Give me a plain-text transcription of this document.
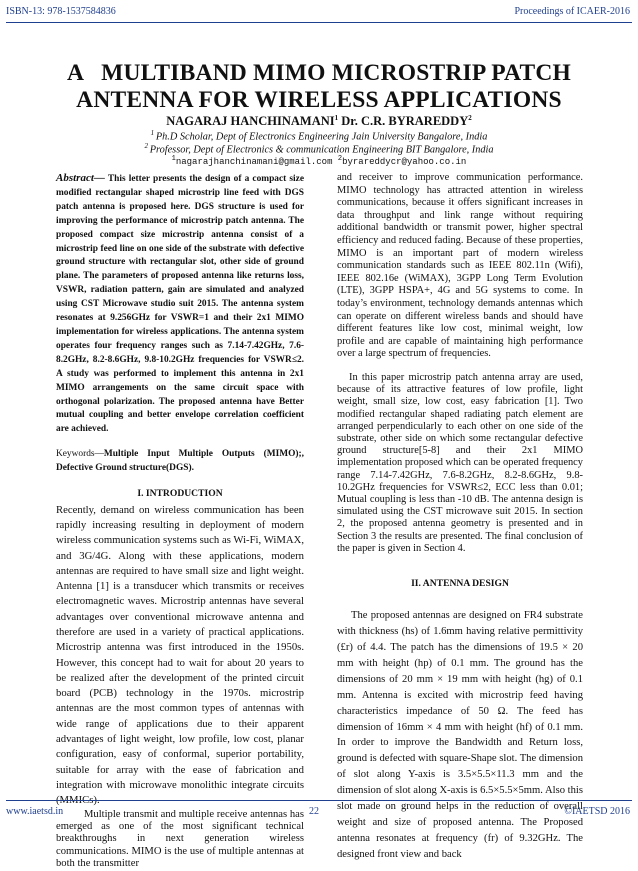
ISBN-13: 978-1537584836	Proceedings of ICAER-2016
A   MULTIBAND MIMO MICROSTRIP PATCH
ANTENNA FOR WIRELESS APPLICATIONS
NAGARAJ HANCHINAMANI$^1$ Dr. C.R. BYRAREDDY$^2$
$^1$ Ph.D Scholar, Dept of Electronics Engineering Jain University Bangalore, India
$^2$ Professor, Dept of Electronics & communication Engineering BIT Bangalore, India
$^1$nagarajhanchinamani@gmail.com $^2$byrareddycr@yahoo.co.in

Abstract— This letter presents the design of a compact size modified rectangular shaped microstrip line feed with DGS patch antenna is proposed here. DGS structure is used for improving the performance of microstrip patch antenna. The proposed compact size microstrip antenna consist of a microstrip feed line on one side of the substrate with defective ground structure with rectangular slot, other side of ground plane. The parameters of proposed antenna like returns loss, VSWR, radiation pattern, gain are simulated and analyzed using CST Microwave studio suit 2015. The antenna system resonates at 9.256GHz for VSWR=1 and their 2x1 MIMO implementation for wireless applications. The antenna system operates four frequency ranges such as 7.14-7.42GHz, 7.6-8.2GHz, 8.2-8.6GHz, 9.8-10.2GHz frequencies for VSWR≤2. A study was performed to implement this antenna in 2x1 MIMO arrangements on the same circuit space with orthogonal polarization. The proposed antenna have Better mutual coupling and better envelope correlation coefficient are achieved.

Keywords—Multiple Input Multiple Outputs (MIMO);, Defective Ground structure(DGS).

I. INTRODUCTION

Recently, demand on wireless communication has been rapidly increasing resulting in deployment of modern wireless communication systems such as Wi-Fi, WiMAX, and 3G/4G. Along with these applications, modern antennas are required to have small size and light weight. Antenna [1] is a transducer which transmits or receives electromagnetic waves. Microstrip antennas have several advantages over conventional microwave antenna and therefore are used in a variety of practical applications. Microstrip antenna was first introduced in the 1950s. However, this concept had to wait for about 20 years to be realized after the development of the printed circuit board (PCB) technology in the 1970s. microstrip antennas are the most common types of antennas with wide range of applications due to their apparent advantages of light weight, low profile, low cost, planar configuration, easy of conformal, superior portability, suitable for array with the ease of fabrication and integration with microwave monolithic integrate circuits (MMICs).

Multiple transmit and multiple receive antennas has emerged as one of the most significant technical breakthroughs in next generation wireless communications. MIMO is the use of multiple antennas at both the transmitter

and receiver to improve communication performance. MIMO technology has attracted attention in wireless communications, because it offers significant increases in data throughput and link range without requiring additional bandwidth or transmit power, higher spectral efficiency and reduced fading. Because of these properties, MIMO is an important part of modern wireless communication standards such as IEEE 802.11n (Wifi), IEEE 802.16e (WiMAX), 3GPP Long Term Evolution (LTE), 3GPP HSPA+, 4G and 5G systems to come. In today’s environment, technology demands antennas which can operate on different wireless bands and should have different features like low cost, minimal weight, low profile and are capable of maintaining high performance over a large spectrum of frequencies.

In this paper microstrip patch antenna array are used, because of its attractive features of low profile, light weight, small size, low cost, easy fabrication [1]. Two modified rectangular shaped radiating patch element are arranged perpendicularly to each other on one side of the substrate, other side on which some rectangular defective ground structure[5-8] and their 2x1 MIMO implementation proposed which can be operated frequency range 7.14-7.42GHz, 7.6-8.2GHz, 8.2-8.6GHz, 9.8-10.2GHz frequencies for VSWR≤2, ECC less than 0.01; Mutual coupling is less than -10 dB. The antenna design is simulated using the CST microwave suit 2015. In section 2, the proposed antenna geometry is presented and in Section 3 the results are presented. The final conclusion of the paper is given in Section 4.

II. ANTENNA DESIGN

The proposed antennas are designed on FR4 substrate with thickness (hs) of 1.6mm having relative permittivity (£r) of 4.4. The patch has the dimensions of 19.5 × 20 mm with height (hp) of 0.1 mm. The ground has the dimensions of 20 mm × 19 mm with height (hg) of 0.1 mm. Antenna is excited with microstrip feed having characteristics impedance of 50 Ω. The feed has dimension of 16mm × 4 mm with height (hf) of 0.1 mm. In order to improve the Bandwidth and Return loss, ground is defected with square-Shape slot. The dimension of slot along Y-axis is 3.5×5.5×11.3 mm and the dimension of slot along X-axis is 6.5×5.5×5mm. Also this slot made on ground helps in the reduction of overall weight and size of proposed antenna. The Proposed antenna resonates at frequency (fr) of 9.32GHz. The designed front view and back

www.iaetsd.in	22	©IAETSD 2016
